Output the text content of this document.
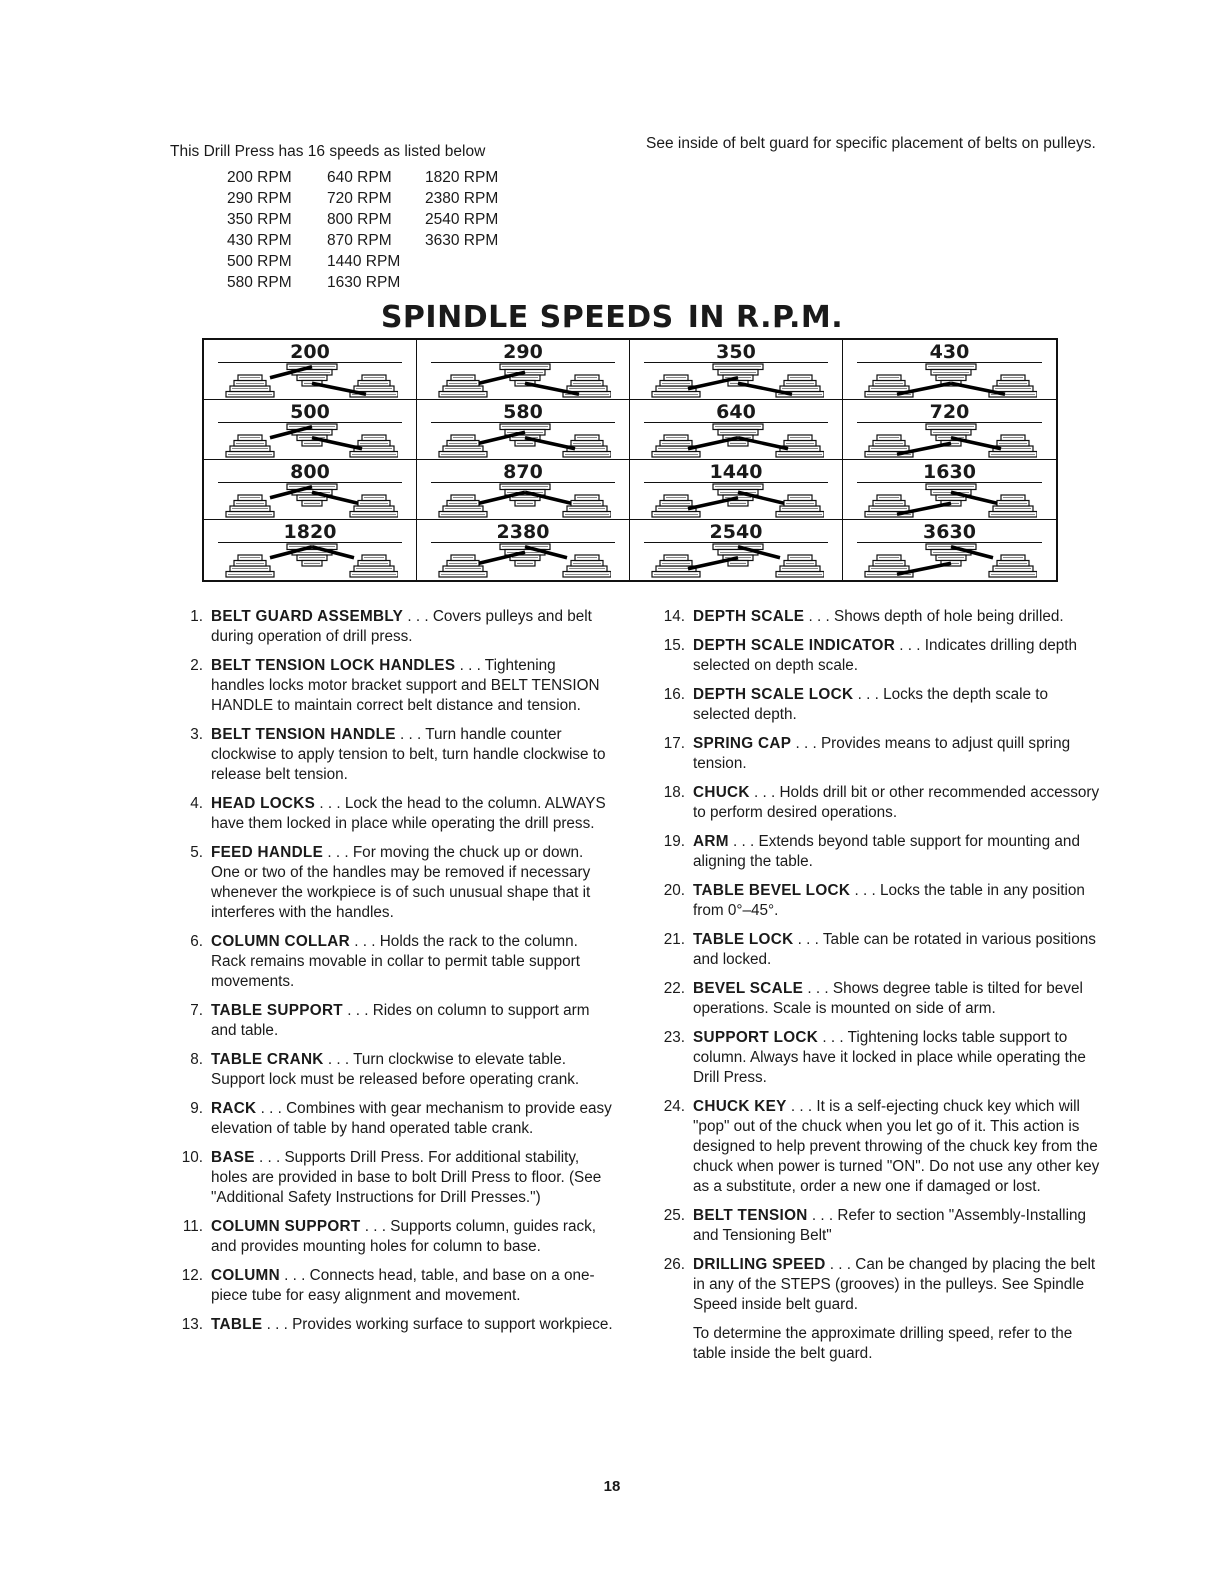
This Drill Press has 16 speeds as listed below
200 RPM	640 RPM	1820 RPM
290 RPM	720 RPM	2380 RPM
350 RPM	800 RPM	2540 RPM
430 RPM	870 RPM	3630 RPM
500 RPM	1440 RPM
580 RPM	1630 RPM
See inside of belt guard for specific placement of belts on pulleys.
SPINDLE SPEEDS IN R.P.M.
200	290	350	430
500	580	640	720
800	870	1440	1630
1820	2380	2540	3630
1. BELT GUARD ASSEMBLY . . . Covers pulleys and belt during operation of drill press.
2. BELT TENSION LOCK HANDLES . . . Tightening handles locks motor bracket support and BELT TENSION HANDLE to maintain correct belt distance and tension.
3. BELT TENSION HANDLE . . . Turn handle counter clockwise to apply tension to belt, turn handle clockwise to release belt tension.
4. HEAD LOCKS . . . Lock the head to the column. ALWAYS have them locked in place while operating the drill press.
5. FEED HANDLE . . . For moving the chuck up or down. One or two of the handles may be removed if necessary whenever the workpiece is of such unusual shape that it interferes with the handles.
6. COLUMN COLLAR . . . Holds the rack to the column. Rack remains movable in collar to permit table support movements.
7. TABLE SUPPORT . . . Rides on column to support arm and table.
8. TABLE CRANK . . . Turn clockwise to elevate table. Support lock must be released before operating crank.
9. RACK . . . Combines with gear mechanism to provide easy elevation of table by hand operated table crank.
10. BASE . . . Supports Drill Press. For additional stability, holes are provided in base to bolt Drill Press to floor. (See "Additional Safety Instructions for Drill Presses.")
11. COLUMN SUPPORT . . . Supports column, guides rack, and provides mounting holes for column to base.
12. COLUMN . . . Connects head, table, and base on a one-piece tube for easy alignment and movement.
13. TABLE . . . Provides working surface to support workpiece.
14. DEPTH SCALE . . . Shows depth of hole being drilled.
15. DEPTH SCALE INDICATOR . . . Indicates drilling depth selected on depth scale.
16. DEPTH SCALE LOCK . . . Locks the depth scale to selected depth.
17. SPRING CAP . . . Provides means to adjust quill spring tension.
18. CHUCK . . . Holds drill bit or other recommended accessory to perform desired operations.
19. ARM . . . Extends beyond table support for mounting and aligning the table.
20. TABLE BEVEL LOCK . . . Locks the table in any position from 0°–45°.
21. TABLE LOCK . . . Table can be rotated in various positions and locked.
22. BEVEL SCALE . . . Shows degree table is tilted for bevel operations. Scale is mounted on side of arm.
23. SUPPORT LOCK . . . Tightening locks table support to column. Always have it locked in place while operating the Drill Press.
24. CHUCK KEY . . . It is a self-ejecting chuck key which will "pop" out of the chuck when you let go of it. This action is designed to help prevent throwing of the chuck key from the chuck when power is turned "ON". Do not use any other key as a substitute, order a new one if damaged or lost.
25. BELT TENSION . . . Refer to section "Assembly-Installing and Tensioning Belt"
26. DRILLING SPEED . . . Can be changed by placing the belt in any of the STEPS (grooves) in the pulleys. See Spindle Speed inside belt guard.
To determine the approximate drilling speed, refer to the table inside the belt guard.
18
